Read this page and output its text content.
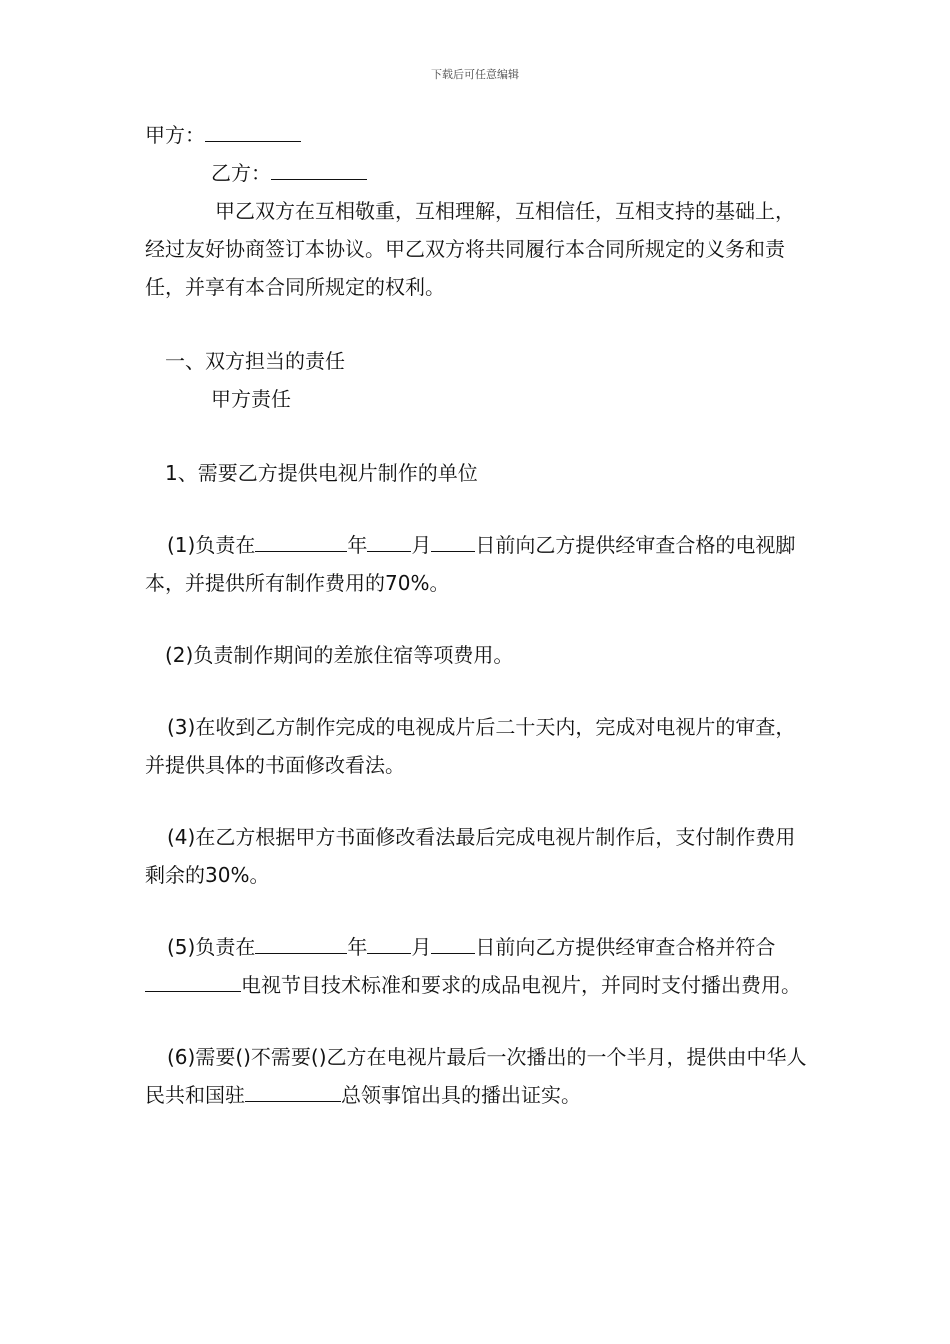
下载后可任意编辑
甲方：
乙方：

甲乙双方在互相敬重，互相理解，互相信任，互相支持的基础上，经过友好协商签订本协议。甲乙双方将共同履行本合同所规定的义务和责任，并享有本合同所规定的权利。

一、双方担当的责任
甲方责任
1、需要乙方提供电视片制作的单位

(1)负责在	年 月 日前向乙方提供经审查合格的电视脚本，并提供所有制作费用的70%。

(2)负责制作期间的差旅住宿等项费用。

(3)在收到乙方制作完成的电视成片后二十天内，完成对电视片的审查，并提供具体的书面修改看法。

(4)在乙方根据甲方书面修改看法最后完成电视片制作后，支付制作费用剩余的30%。

(5)负责在	年 月 日前向乙方提供经审查合格并符合电视节目技术标准和要求的成品电视片，并同时支付播出费用。

(6)需要()不需要()乙方在电视片最后一次播出的一个半月，提供由中华人民共和国驻	总领事馆出具的播出证实。
